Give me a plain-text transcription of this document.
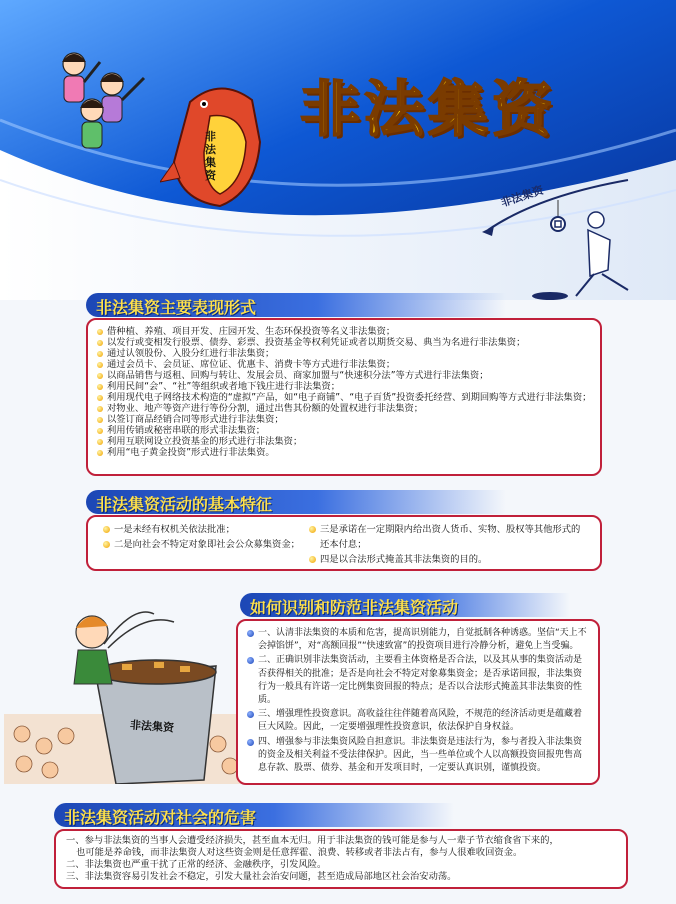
非
法
集
资
非法集资
非法集资
非法集资主要表现形式
借种植、养殖、项目开发、庄园开发、生态环保投资等名义非法集资；
以发行或变相发行股票、债券、彩票、投资基金等权利凭证或者以期货交易、典当为名进行非法集资；
通过认领股份、入股分红进行非法集资；
通过会员卡、会员证、席位证、优惠卡、消费卡等方式进行非法集资；
以商品销售与返租、回购与转让、发展会员、商家加盟与“快速积分法”等方式进行非法集资；
利用民间“会”、“社”等组织或者地下钱庄进行非法集资；
利用现代电子网络技术构造的“虚拟”产品，如“电子商铺”、“电子百货”投资委托经营、到期回购等方式进行非法集资；
对物业、地产等资产进行等份分割，通过出售其份额的处置权进行非法集资；
以签订商品经销合同等形式进行非法集资；
利用传销或秘密串联的形式非法集资；
利用互联网设立投资基金的形式进行非法集资；
利用“电子黄金投资”形式进行非法集资。
非法集资活动的基本特征
一是未经有权机关依法批准；
二是向社会不特定对象即社会公众募集资金；
三是承诺在一定期限内给出资人货币、实物、股权等其他形式的还本付息；
四是以合法形式掩盖其非法集资的目的。
如何识别和防范非法集资活动
非法集资
一、认清非法集资的本质和危害，提高识别能力，自觉抵制各种诱惑。坚信“天上不会掉馅饼”，对“高额回报”“快速致富”的投资项目进行冷静分析，避免上当受骗。
二、正确识别非法集资活动，主要看主体资格是否合法，以及其从事的集资活动是否获得相关的批准；是否是向社会不特定对象募集资金；是否承诺回报，非法集资行为一般具有许诺一定比例集资回报的特点；是否以合法形式掩盖其非法集资的性质。
三、增强理性投资意识。高收益往往伴随着高风险，不规范的经济活动更是蕴藏着巨大风险。因此，一定要增强理性投资意识，依法保护自身权益。
四、增强参与非法集资风险自担意识。非法集资是违法行为，参与者投入非法集资的资金及相关利益不受法律保护。因此，当一些单位或个人以高额投资回报兜售高息存款、股票、债券、基金和开发项目时，一定要认真识别，谨慎投资。
非法集资活动对社会的危害
一、参与非法集资的当事人会遭受经济损失，甚至血本无归。用于非法集资的钱可能是参与人一辈子节衣缩食省下来的，
也可能是养命钱，而非法集资人对这些资金则是任意挥霍、浪费、转移或者非法占有，参与人很难收回资金。
二、非法集资也严重干扰了正常的经济、金融秩序，引发风险。
三、非法集资容易引发社会不稳定，引发大量社会治安问题，甚至造成局部地区社会治安动荡。
